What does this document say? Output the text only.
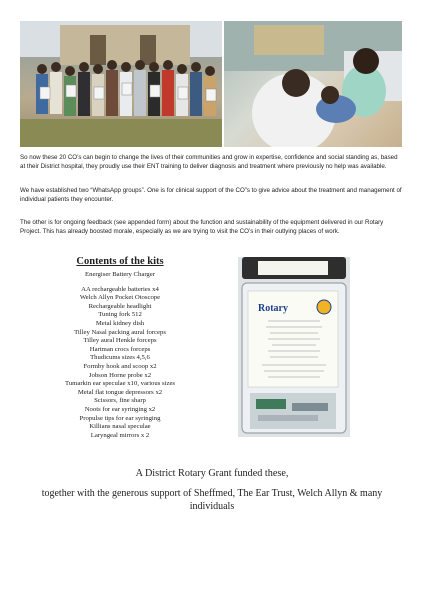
So now these 20 CO’s can begin to change the lives of their communities and grow in expertise, confidence and social standing as, based at their District hospital, they proudly use their ENT training to deliver diagnosis and treatment where previously no help was available.

We have established two “WhatsApp groups”. One is for clinical support of the CO”s to give advice about the treatment and management of individual patients they encounter.

The other is for ongoing feedback (see appended form) about the function and sustainability of the equipment delivered in our Rotary Project. This has already boosted morale, especially as we are trying to visit the CO’s in their outlying places of work.

Contents of the kits
Energiser Battery Charger
AA rechargeable batteries x4
Welch Allyn Pocket Otoscope
Rechargeable headlight
Tuning fork 512
Metal kidney dish
Tilley Nasal packing aural forceps
Tilley aural Henkle forceps
Hartman crocs forceps
Thudicums sizes 4,5,6
Formby hook and scoop x2
Jobson Horne probe x2
Tumarkin ear speculae x10, various sizes
Metal flat tongue depressors x2
Scissors, fine sharp
Noots for ear syringing x2
Propulse tips for ear syringing
Killians nasal speculae
Laryngeal mirrors x 2
Rotary

A District Rotary Grant funded these,

together with the generous support of Sheffmed, The Ear Trust, Welch Allyn & many individuals
